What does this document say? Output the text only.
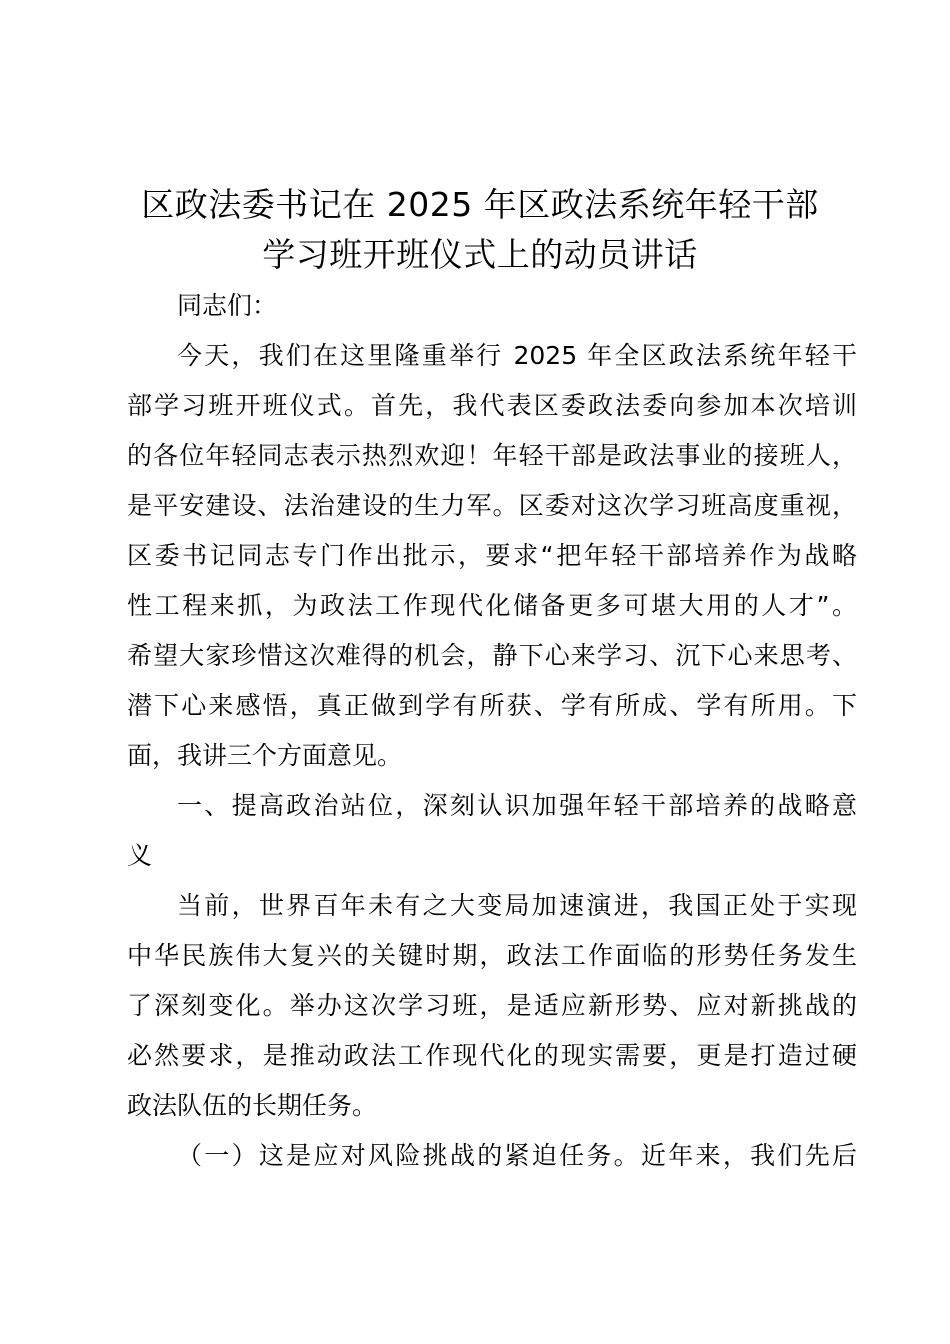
区政法委书记在 2025 年区政法系统年轻干部
学习班开班仪式上的动员讲话
同志们：
今天，我们在这里隆重举行 2025 年全区政法系统年轻干
部学习班开班仪式。首先，我代表区委政法委向参加本次培训
的各位年轻同志表示热烈欢迎！年轻干部是政法事业的接班人，
是平安建设、法治建设的生力军。区委对这次学习班高度重视，
区委书记同志专门作出批示，要求“把年轻干部培养作为战略
性工程来抓，为政法工作现代化储备更多可堪大用的人才”。
希望大家珍惜这次难得的机会，静下心来学习、沉下心来思考、
潜下心来感悟，真正做到学有所获、学有所成、学有所用。下
面，我讲三个方面意见。
一、提高政治站位，深刻认识加强年轻干部培养的战略意
义
当前，世界百年未有之大变局加速演进，我国正处于实现
中华民族伟大复兴的关键时期，政法工作面临的形势任务发生
了深刻变化。举办这次学习班，是适应新形势、应对新挑战的
必然要求，是推动政法工作现代化的现实需要，更是打造过硬
政法队伍的长期任务。
（一）这是应对风险挑战的紧迫任务。近年来，我们先后
